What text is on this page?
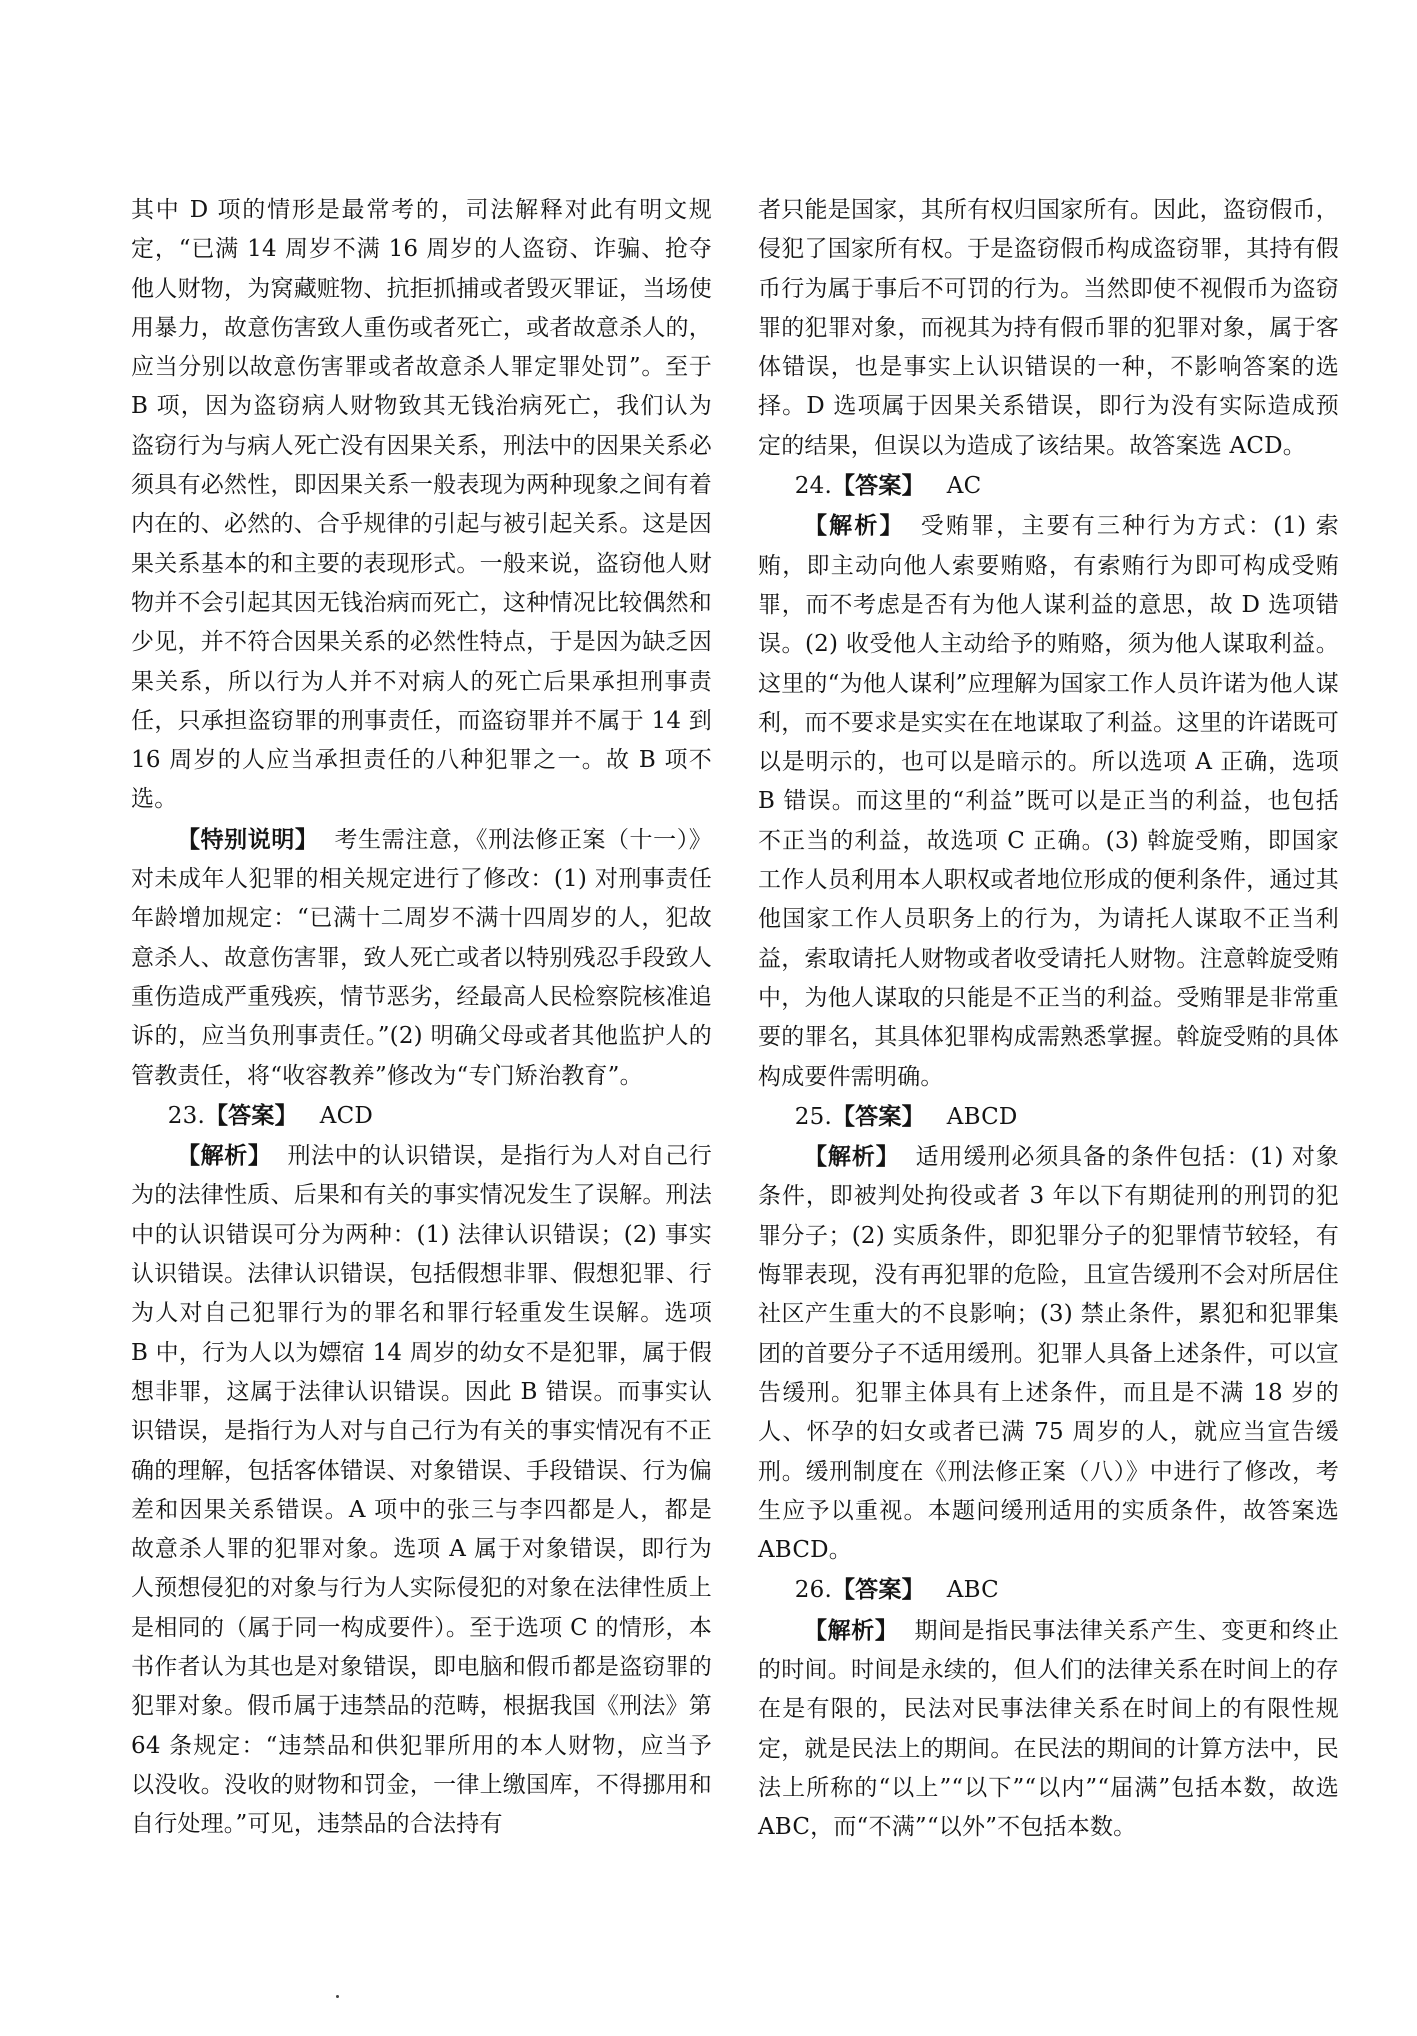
其中 D 项的情形是最常考的，司法解释对此有明文规定，“已满 14 周岁不满 16 周岁的人盗窃、诈骗、抢夺他人财物，为窝藏赃物、抗拒抓捕或者毁灭罪证，当场使用暴力，故意伤害致人重伤或者死亡，或者故意杀人的，应当分别以故意伤害罪或者故意杀人罪定罪处罚”。至于 B 项，因为盗窃病人财物致其无钱治病死亡，我们认为盗窃行为与病人死亡没有因果关系，刑法中的因果关系必须具有必然性，即因果关系一般表现为两种现象之间有着内在的、必然的、合乎规律的引起与被引起关系。这是因果关系基本的和主要的表现形式。一般来说，盗窃他人财物并不会引起其因无钱治病而死亡，这种情况比较偶然和少见，并不符合因果关系的必然性特点，于是因为缺乏因果关系，所以行为人并不对病人的死亡后果承担刑事责任，只承担盗窃罪的刑事责任，而盗窃罪并不属于 14 到 16 周岁的人应当承担责任的八种犯罪之一。故 B 项不选。

【特别说明】 考生需注意，《刑法修正案（十一）》对未成年人犯罪的相关规定进行了修改：(1) 对刑事责任年龄增加规定：“已满十二周岁不满十四周岁的人，犯故意杀人、故意伤害罪，致人死亡或者以特别残忍手段致人重伤造成严重残疾，情节恶劣，经最高人民检察院核准追诉的，应当负刑事责任。”(2) 明确父母或者其他监护人的管教责任，将“收容教养”修改为“专门矫治教育”。

23.【答案】 ACD

【解析】 刑法中的认识错误，是指行为人对自己行为的法律性质、后果和有关的事实情况发生了误解。刑法中的认识错误可分为两种：(1) 法律认识错误；(2) 事实认识错误。法律认识错误，包括假想非罪、假想犯罪、行为人对自己犯罪行为的罪名和罪行轻重发生误解。选项 B 中，行为人以为嫖宿 14 周岁的幼女不是犯罪，属于假想非罪，这属于法律认识错误。因此 B 错误。而事实认识错误，是指行为人对与自己行为有关的事实情况有不正确的理解，包括客体错误、对象错误、手段错误、行为偏差和因果关系错误。A 项中的张三与李四都是人，都是故意杀人罪的犯罪对象。选项 A 属于对象错误，即行为人预想侵犯的对象与行为人实际侵犯的对象在法律性质上是相同的（属于同一构成要件）。至于选项 C 的情形，本书作者认为其也是对象错误，即电脑和假币都是盗窃罪的犯罪对象。假币属于违禁品的范畴，根据我国《刑法》第 64 条规定：“违禁品和供犯罪所用的本人财物，应当予以没收。没收的财物和罚金，一律上缴国库，不得挪用和自行处理。”可见，违禁品的合法持有

者只能是国家，其所有权归国家所有。因此，盗窃假币，侵犯了国家所有权。于是盗窃假币构成盗窃罪，其持有假币行为属于事后不可罚的行为。当然即使不视假币为盗窃罪的犯罪对象，而视其为持有假币罪的犯罪对象，属于客体错误，也是事实上认识错误的一种，不影响答案的选择。D 选项属于因果关系错误，即行为没有实际造成预定的结果，但误以为造成了该结果。故答案选 ACD。

24.【答案】 AC

【解析】 受贿罪，主要有三种行为方式：(1) 索贿，即主动向他人索要贿赂，有索贿行为即可构成受贿罪，而不考虑是否有为他人谋利益的意思，故 D 选项错误。(2) 收受他人主动给予的贿赂，须为他人谋取利益。这里的“为他人谋利”应理解为国家工作人员许诺为他人谋利，而不要求是实实在在地谋取了利益。这里的许诺既可以是明示的，也可以是暗示的。所以选项 A 正确，选项 B 错误。而这里的“利益”既可以是正当的利益，也包括不正当的利益，故选项 C 正确。(3) 斡旋受贿，即国家工作人员利用本人职权或者地位形成的便利条件，通过其他国家工作人员职务上的行为，为请托人谋取不正当利益，索取请托人财物或者收受请托人财物。注意斡旋受贿中，为他人谋取的只能是不正当的利益。受贿罪是非常重要的罪名，其具体犯罪构成需熟悉掌握。斡旋受贿的具体构成要件需明确。

25.【答案】 ABCD

【解析】 适用缓刑必须具备的条件包括：(1) 对象条件，即被判处拘役或者 3 年以下有期徒刑的刑罚的犯罪分子；(2) 实质条件，即犯罪分子的犯罪情节较轻，有悔罪表现，没有再犯罪的危险，且宣告缓刑不会对所居住社区产生重大的不良影响；(3) 禁止条件，累犯和犯罪集团的首要分子不适用缓刑。犯罪人具备上述条件，可以宣告缓刑。犯罪主体具有上述条件，而且是不满 18 岁的人、怀孕的妇女或者已满 75 周岁的人，就应当宣告缓刑。缓刑制度在《刑法修正案（八）》中进行了修改，考生应予以重视。本题问缓刑适用的实质条件，故答案选 ABCD。

26.【答案】 ABC

【解析】 期间是指民事法律关系产生、变更和终止的时间。时间是永续的，但人们的法律关系在时间上的存在是有限的，民法对民事法律关系在时间上的有限性规定，就是民法上的期间。在民法的期间的计算方法中，民法上所称的“以上”“以下”“以内”“届满”包括本数，故选 ABC，而“不满”“以外”不包括本数。
